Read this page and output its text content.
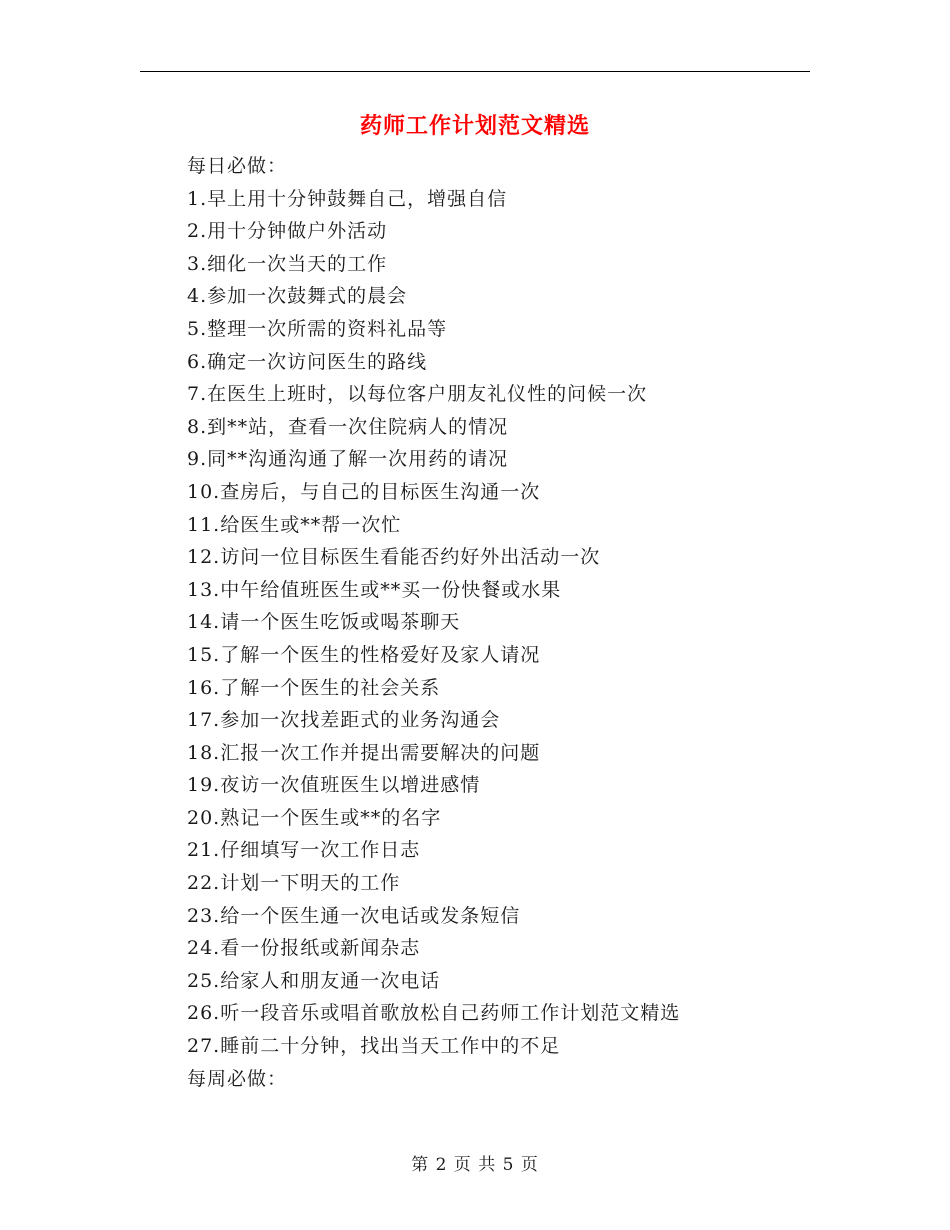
药师工作计划范文精选
每日必做：
1.早上用十分钟鼓舞自己，增强自信
2.用十分钟做户外活动
3.细化一次当天的工作
4.参加一次鼓舞式的晨会
5.整理一次所需的资料礼品等
6.确定一次访问医生的路线
7.在医生上班时，以每位客户朋友礼仪性的问候一次
8.到**站，查看一次住院病人的情况
9.同**沟通沟通了解一次用药的请况
10.查房后，与自己的目标医生沟通一次
11.给医生或**帮一次忙
12.访问一位目标医生看能否约好外出活动一次
13.中午给值班医生或**买一份快餐或水果
14.请一个医生吃饭或喝茶聊天
15.了解一个医生的性格爱好及家人请况
16.了解一个医生的社会关系
17.参加一次找差距式的业务沟通会
18.汇报一次工作并提出需要解决的问题
19.夜访一次值班医生以增进感情
20.熟记一个医生或**的名字
21.仔细填写一次工作日志
22.计划一下明天的工作
23.给一个医生通一次电话或发条短信
24.看一份报纸或新闻杂志
25.给家人和朋友通一次电话
26.听一段音乐或唱首歌放松自己药师工作计划范文精选
27.睡前二十分钟，找出当天工作中的不足
每周必做：
第 2 页 共 5 页
